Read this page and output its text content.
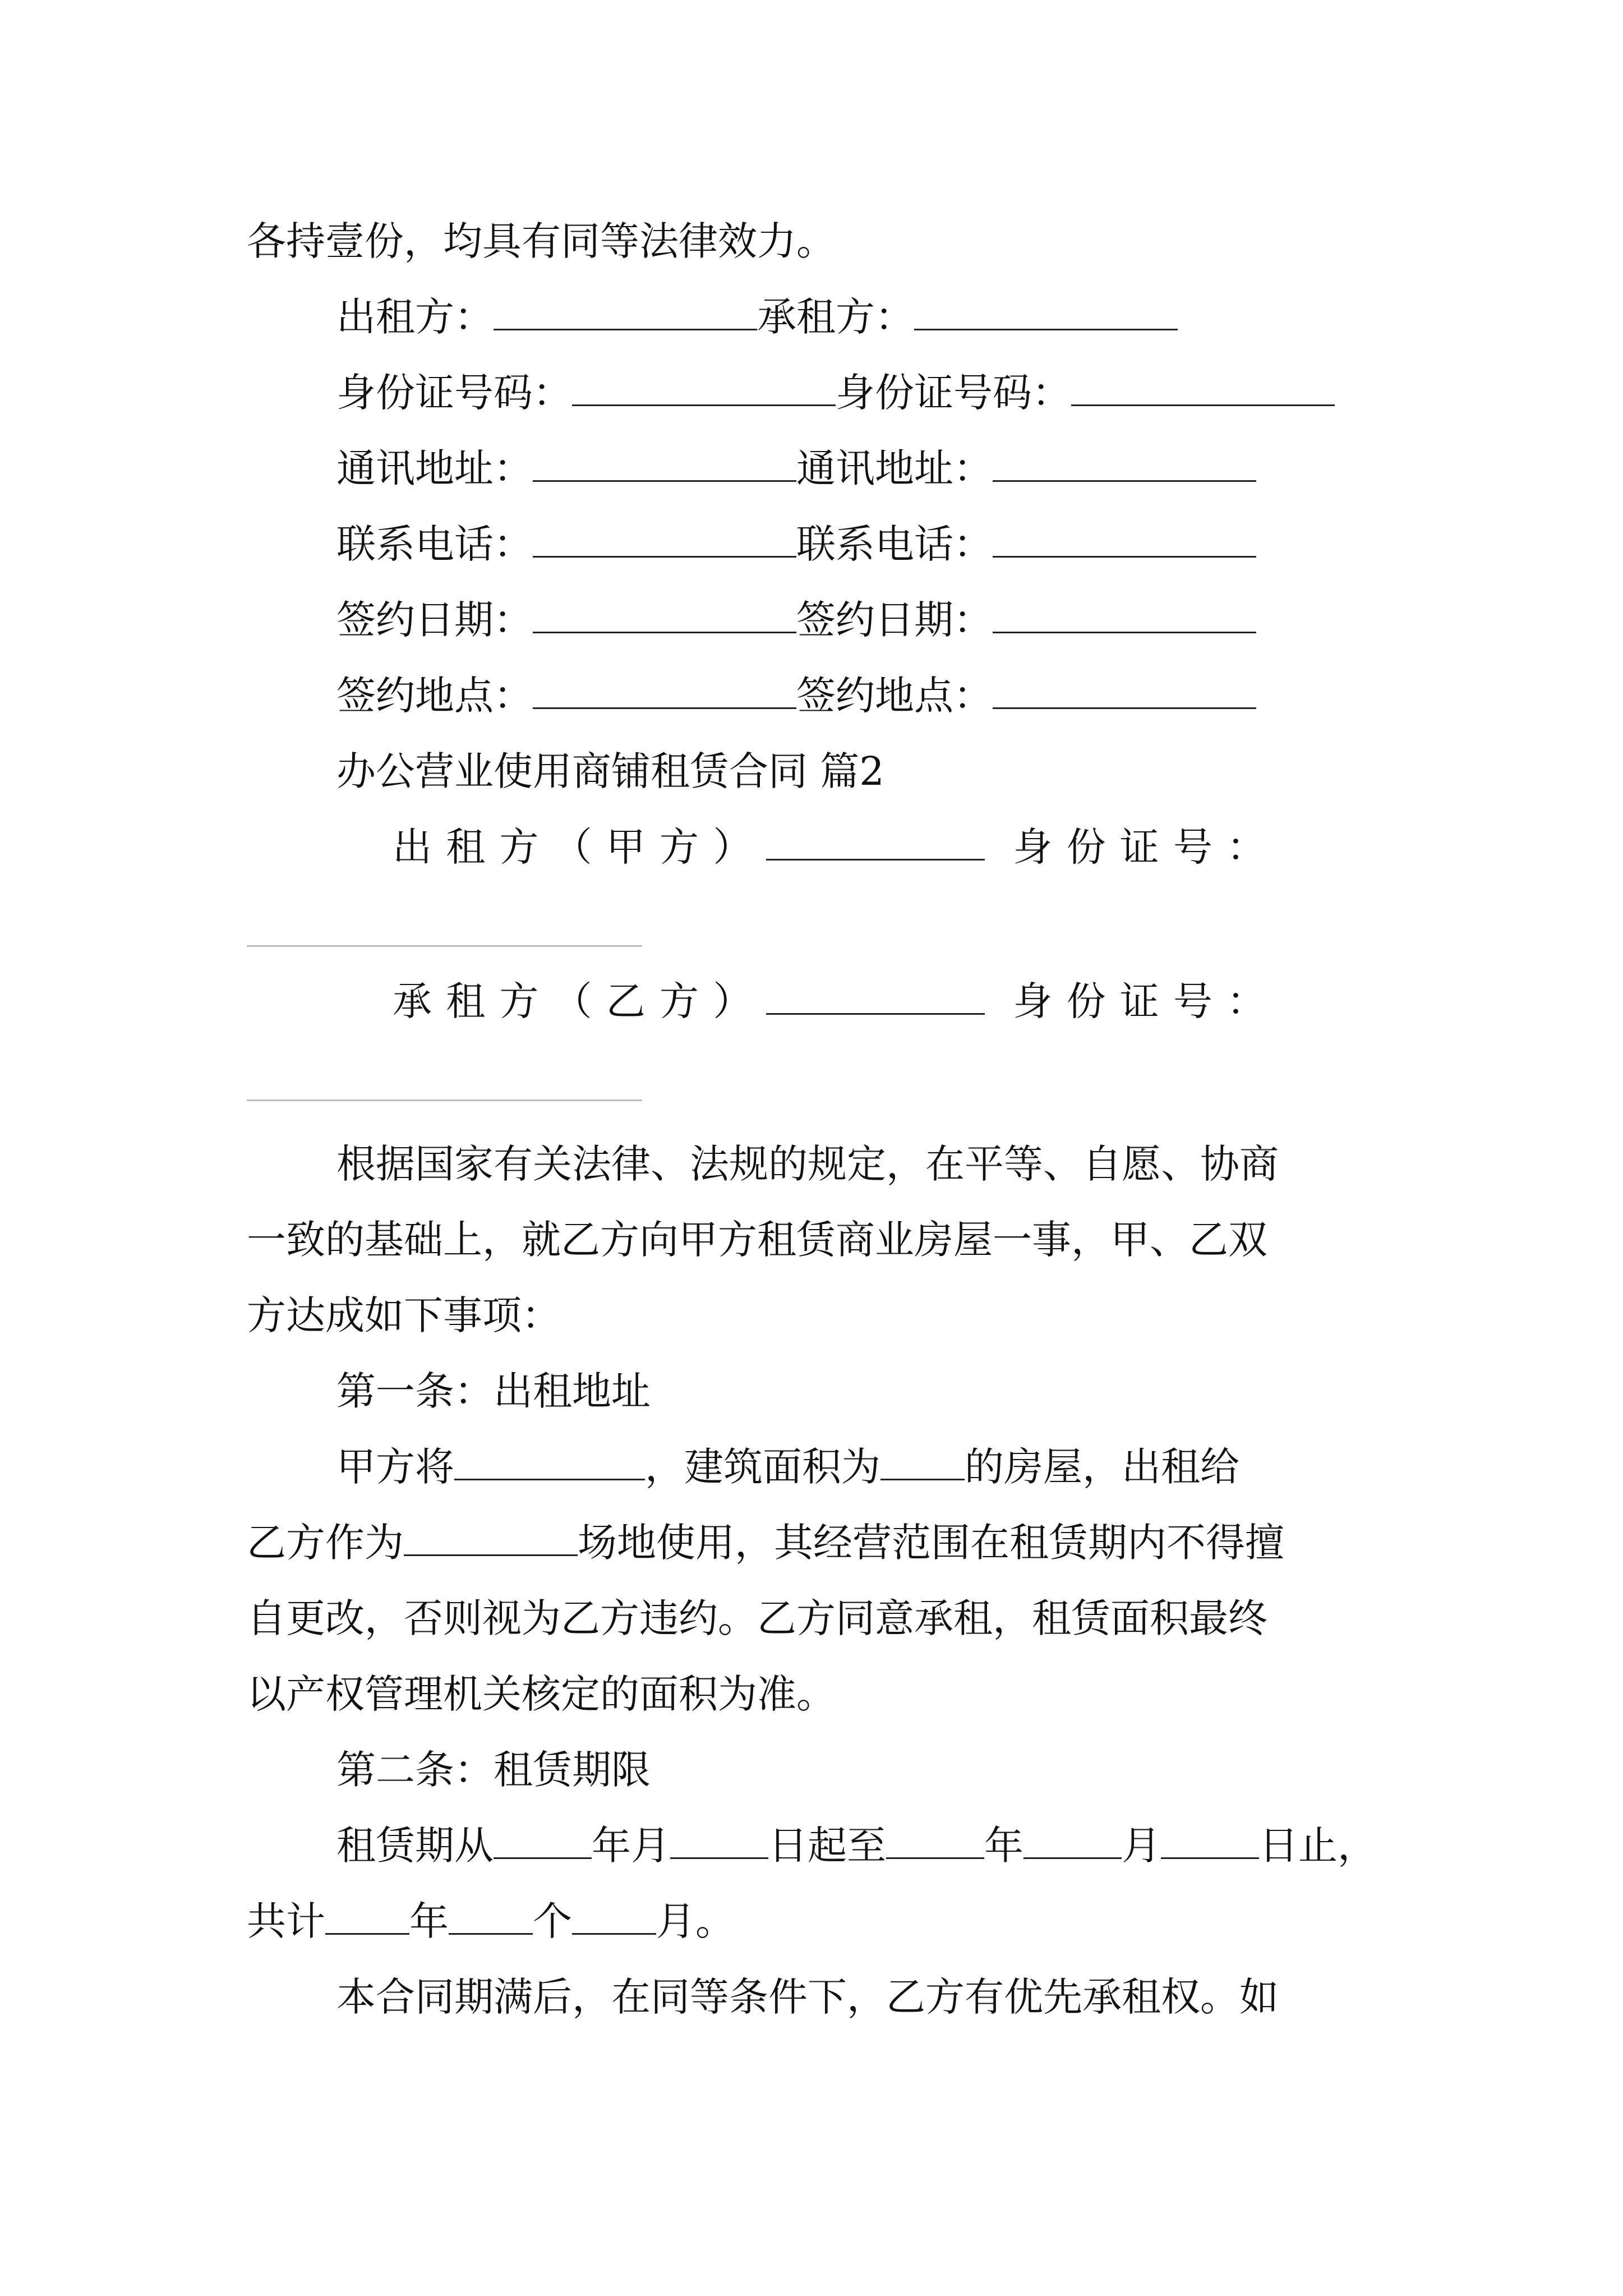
各持壹份，均具有同等法律效力。
出租方：	承租方：
身份证号码：	身份证号码：
通讯地址：	通讯地址：
联系电话：	联系电话：
签约日期：	签约日期：
签约地点：	签约地点：
办公营业使用商铺租赁合同 篇2
出租方（甲方）	身份证号：
承租方（乙方）	身份证号：
根据国家有关法律、法规的规定，在平等、自愿、协商
一致的基础上，就乙方向甲方租赁商业房屋一事，甲、乙双
方达成如下事项：
第一条：出租地址
甲方将	，建筑面积为 的房屋，出租给
乙方作为	场地使用，其经营范围在租赁期内不得擅
自更改，否则视为乙方违约。乙方同意承租，租赁面积最终
以产权管理机关核定的面积为准。
第二条：租赁期限
租赁期从	年月	日起至	年	月	日止，
共计 年 个 月。
本合同期满后，在同等条件下，乙方有优先承租权。如
